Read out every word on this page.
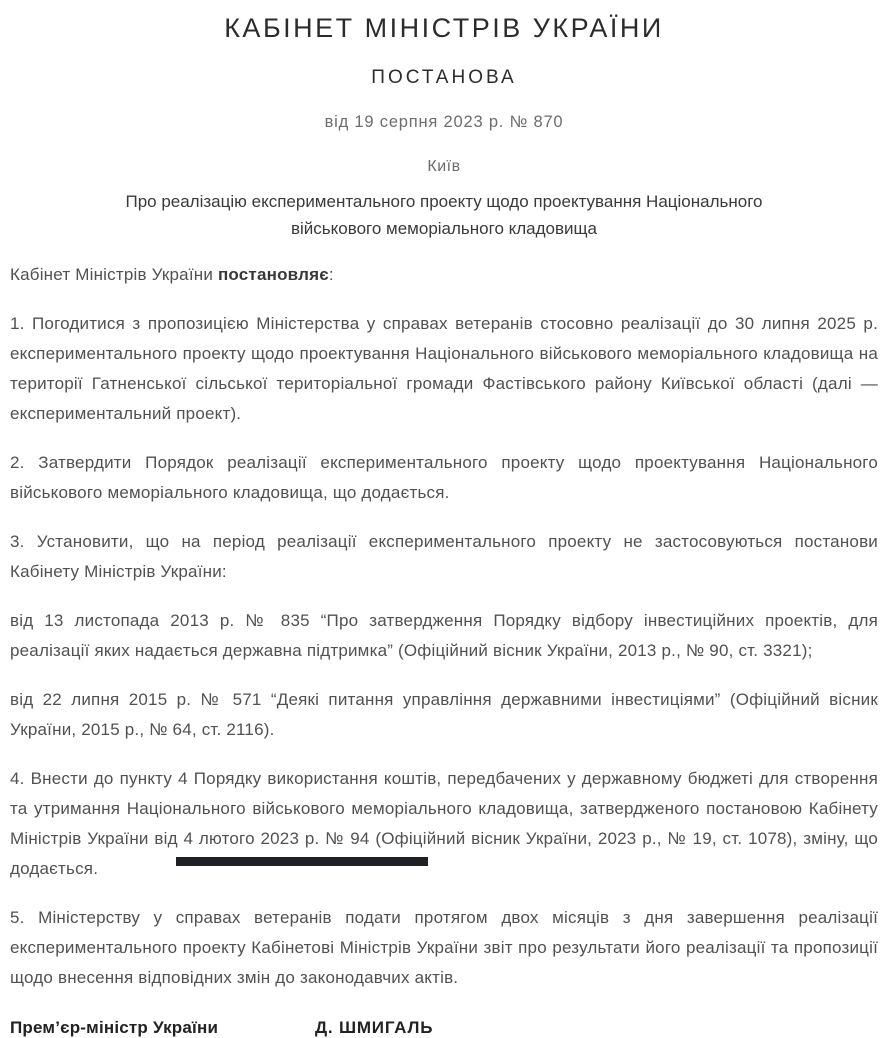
КАБІНЕТ МІНІСТРІВ УКРАЇНИ
ПОСТАНОВА
від 19 серпня 2023 р. № 870
Київ
Про реалізацію експериментального проекту щодо проектування Національного військового меморіального кладовища

Кабінет Міністрів України постановляє:

1. Погодитися з пропозицією Міністерства у справах ветеранів стосовно реалізації до 30 липня 2025 р. експериментального проекту щодо проектування Національного військового меморіального кладовища на території Гатненської сільської територіальної громади Фастівського району Київської області (далі — експериментальний проект).

2. Затвердити Порядок реалізації експериментального проекту щодо проектування Національного військового меморіального кладовища, що додається.

3. Установити, що на період реалізації експериментального проекту не застосовуються постанови Кабінету Міністрів України:

від 13 листопада 2013 р. № 835 “Про затвердження Порядку відбору інвестиційних проектів, для реалізації яких надається державна підтримка” (Офіційний вісник України, 2013 р., № 90, ст. 3321);

від 22 липня 2015 р. № 571 “Деякі питання управління державними інвестиціями” (Офіційний вісник України, 2015 р., № 64, ст. 2116).

4. Внести до пункту 4 Порядку використання коштів, передбачених у державному бюджеті для створення та утримання Національного військового меморіального кладовища, затвердженого постановою Кабінету Міністрів України від 4 лютого 2023 р. № 94 (Офіційний вісник України, 2023 р., № 19, ст. 1078), зміну, що додається.

5. Міністерству у справах ветеранів подати протягом двох місяців з дня завершення реалізації експериментального проекту Кабінетові Міністрів України звіт про результати його реалізації та пропозиції щодо внесення відповідних змін до законодавчих актів.

Прем’єр-міністр України	Д. ШМИГАЛЬ
